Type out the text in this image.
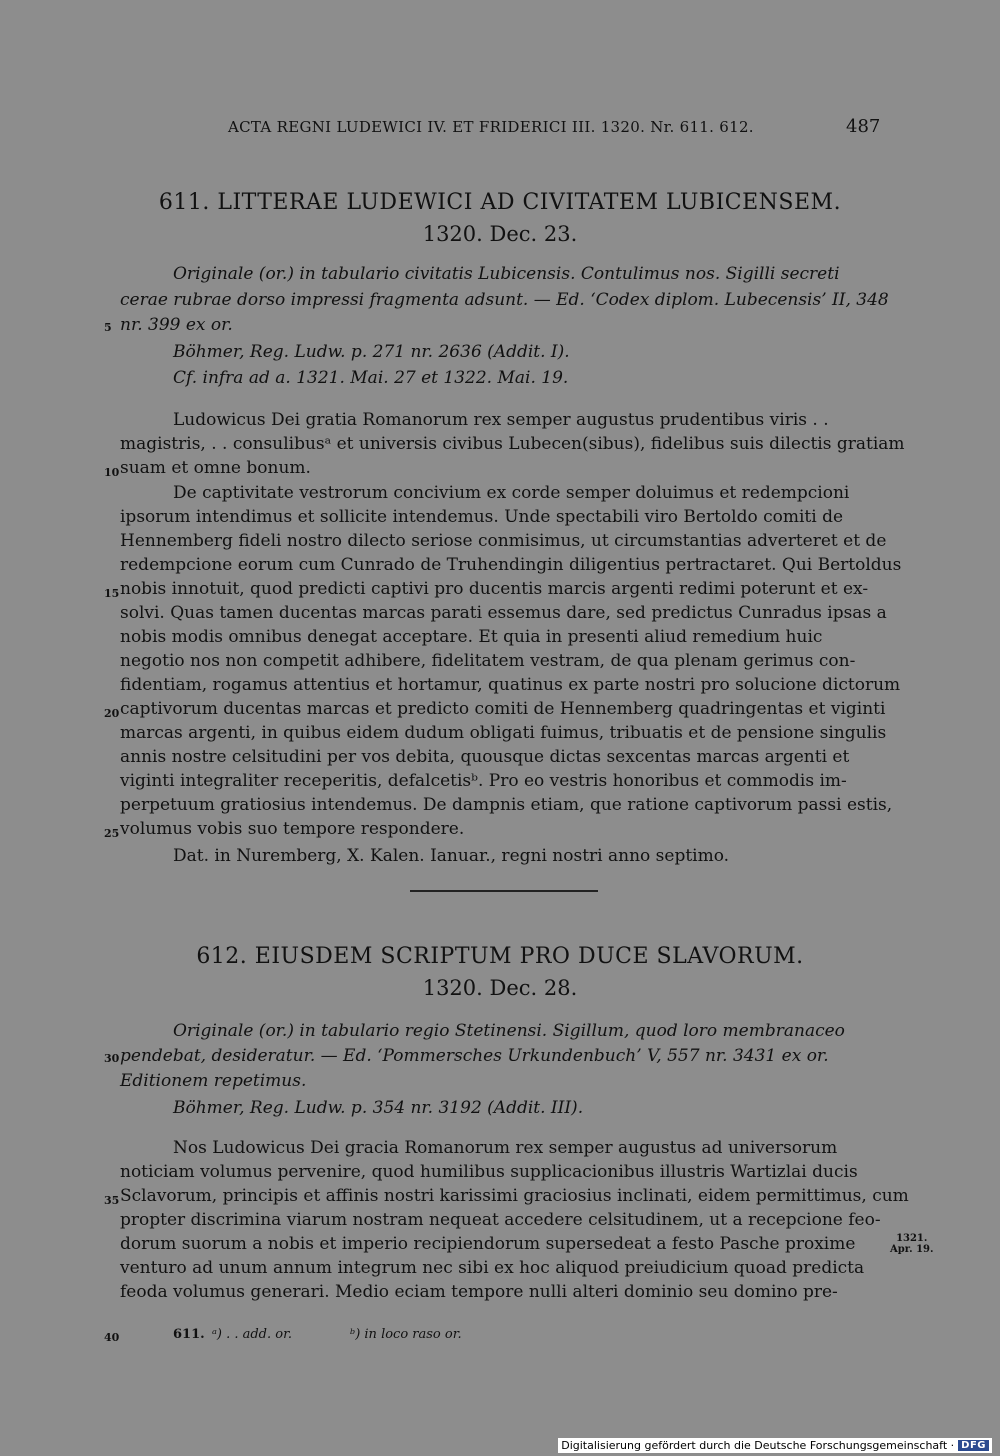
ACTA REGNI LUDEWICI IV. ET FRIDERICI III. 1320. Nr. 611. 612.	487
611. LITTERAE LUDEWICI AD CIVITATEM LUBICENSEM.
1320. Dec. 23.
Originale (or.) in tabulario civitatis Lubicensis. Contulimus nos. Sigilli secreti
cerae rubrae dorso impressi fragmenta adsunt. — Ed. ‘Codex diplom. Lubecensis’ II, 348
nr. 399 ex or.
5
Böhmer, Reg. Ludw. p. 271 nr. 2636 (Addit. I).
Cf. infra ad a. 1321. Mai. 27 et 1322. Mai. 19.
Ludowicus Dei gratia Romanorum rex semper augustus prudentibus viris . .
magistris, . . consulibusᵃ et universis civibus Lubecen(sibus), fidelibus suis dilectis gratiam
suam et omne bonum.
10
De captivitate vestrorum concivium ex corde semper doluimus et redempcioni
ipsorum intendimus et sollicite intendemus. Unde spectabili viro Bertoldo comiti de
Hennemberg fideli nostro dilecto seriose conmisimus, ut circumstantias adverteret et de
redempcione eorum cum Cunrado de Truhendingin diligentius pertractaret. Qui Bertoldus
nobis innotuit, quod predicti captivi pro ducentis marcis argenti redimi poterunt et ex-
15
solvi. Quas tamen ducentas marcas parati essemus dare, sed predictus Cunradus ipsas a
nobis modis omnibus denegat acceptare. Et quia in presenti aliud remedium huic
negotio nos non competit adhibere, fidelitatem vestram, de qua plenam gerimus con-
fidentiam, rogamus attentius et hortamur, quatinus ex parte nostri pro solucione dictorum
captivorum ducentas marcas et predicto comiti de Hennemberg quadringentas et viginti
20
marcas argenti, in quibus eidem dudum obligati fuimus, tribuatis et de pensione singulis
annis nostre celsitudini per vos debita, quousque dictas sexcentas marcas argenti et
viginti integraliter receperitis, defalcetisᵇ. Pro eo vestris honoribus et commodis im-
perpetuum gratiosius intendemus. De dampnis etiam, que ratione captivorum passi estis,
volumus vobis suo tempore respondere.
25
Dat. in Nuremberg, X. Kalen. Ianuar., regni nostri anno septimo.
612. EIUSDEM SCRIPTUM PRO DUCE SLAVORUM.
1320. Dec. 28.
Originale (or.) in tabulario regio Stetinensi. Sigillum, quod loro membranaceo
pendebat, desideratur. — Ed. ‘Pommersches Urkundenbuch’ V, 557 nr. 3431 ex or.
30
Editionem repetimus.
Böhmer, Reg. Ludw. p. 354 nr. 3192 (Addit. III).
Nos Ludowicus Dei gracia Romanorum rex semper augustus ad universorum
noticiam volumus pervenire, quod humilibus supplicacionibus illustris Wartizlai ducis
Sclavorum, principis et affinis nostri karissimi graciosius inclinati, eidem permittimus, cum
35
propter discrimina viarum nostram nequeat accedere celsitudinem, ut a recepcione feo-
dorum suorum a nobis et imperio recipiendorum supersedeat a festo Pasche proxime
venturo ad unum annum integrum nec sibi ex hoc aliquod preiudicium quoad predicta
feoda volumus generari. Medio eciam tempore nulli alteri dominio seu domino pre-
1321.
Apr. 19.
40	611. ᵃ) . . add. or.	ᵇ) in loco raso or.
Digitalisierung gefördert durch die Deutsche Forschungsgemeinschaft · DFG
